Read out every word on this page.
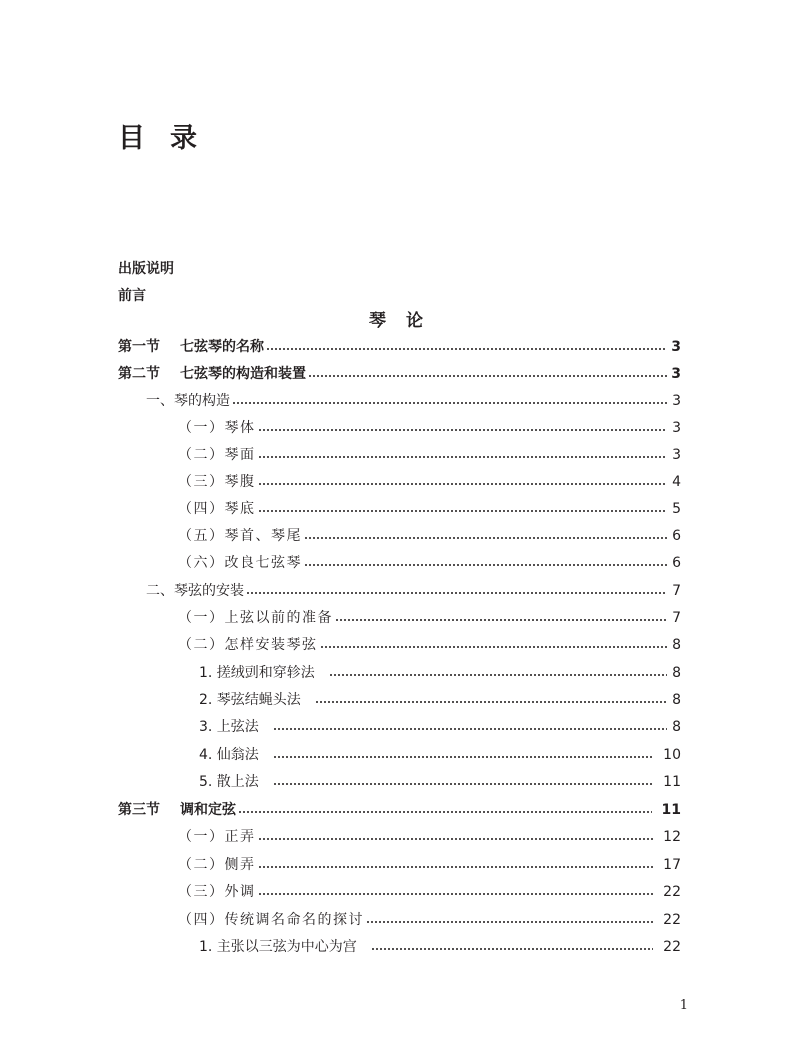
目 录
出版说明
前言
琴 论
第一节 七弦琴的名称	3
第二节 七弦琴的构造和装置	3
一、琴的构造	3
（一）琴体	3
（二）琴面	3
（三）琴腹	4
（四）琴底	5
（五）琴首、琴尾	6
（六）改良七弦琴	6
二、琴弦的安装	7
（一）上弦以前的准备	7
（二）怎样安装琴弦	8
1. 搓绒剅和穿轸法	8
2. 琴弦结蝇头法	8
3. 上弦法	8
4. 仙翁法	10
5. 散上法	11
第三节 调和定弦	11
（一）正弄	12
（二）侧弄	17
（三）外调	22
（四）传统调名命名的探讨	22
1. 主张以三弦为中心为宫	22
1
